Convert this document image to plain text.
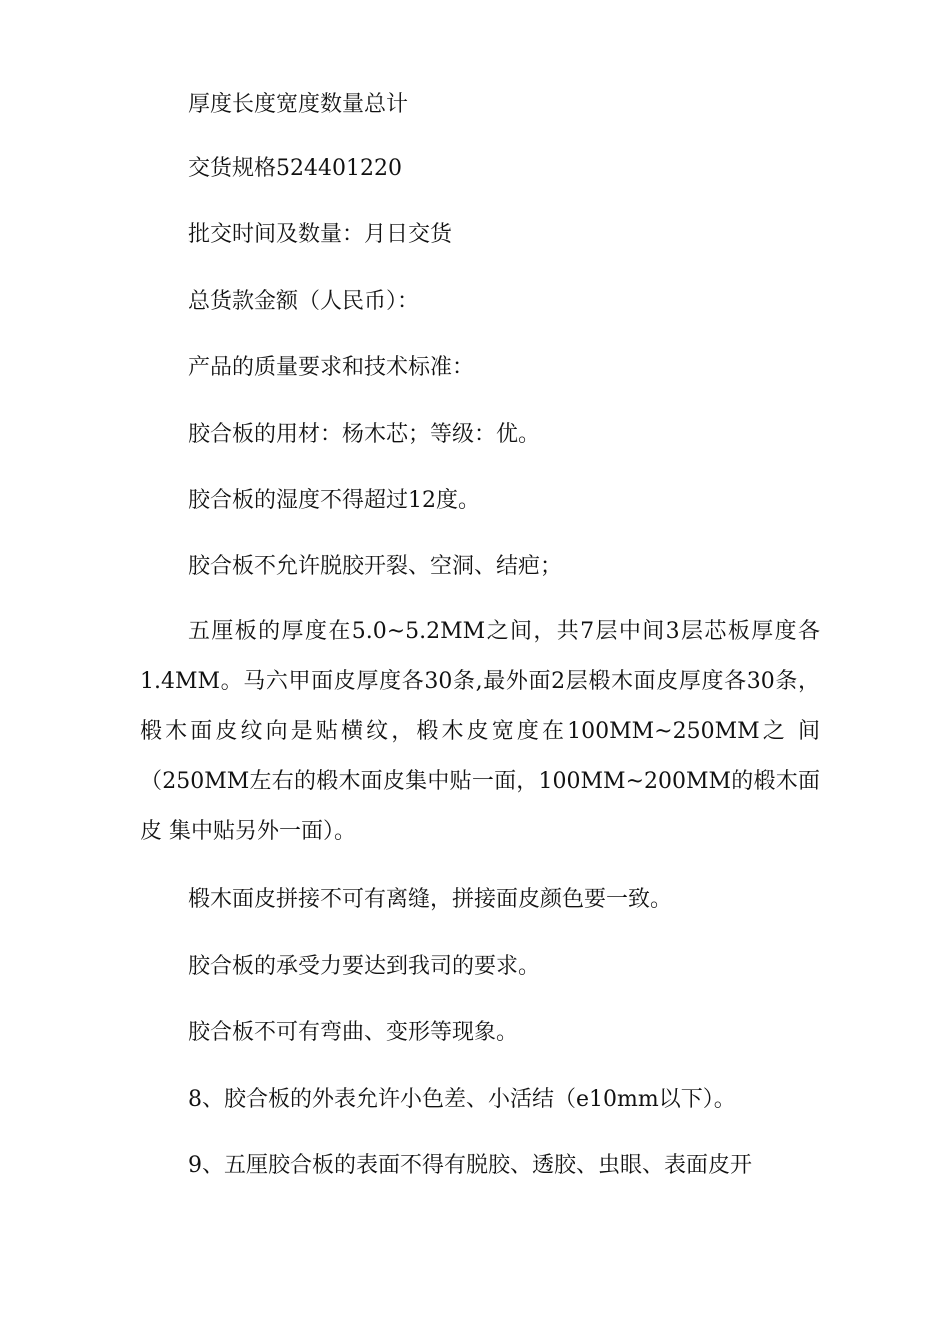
厚度长度宽度数量总计
交货规格524401220
批交时间及数量：月日交货
总货款金额（人民币）：
产品的质量要求和技术标准：
胶合板的用材：杨木芯；等级：优。
胶合板的湿度不得超过12度。
胶合板不允许脱胶开裂、空洞、结疤；
五厘板的厚度在5.0~5.2MM之间，共7层中间3层芯板厚度各1.4MM。马六甲面皮厚度各30条,最外面2层椴木面皮厚度各30条，椴木面皮纹向是贴横纹，椴木皮宽度在100MM~250MM之 间（250MM左右的椴木面皮集中贴一面，100MM~200MM的椴木面皮 集中贴另外一面）。
椴木面皮拼接不可有离缝，拼接面皮颜色要一致。
胶合板的承受力要达到我司的要求。
胶合板不可有弯曲、变形等现象。
8、胶合板的外表允许小色差、小活结（e10mm以下）。
9、五厘胶合板的表面不得有脱胶、透胶、虫眼、表面皮开
